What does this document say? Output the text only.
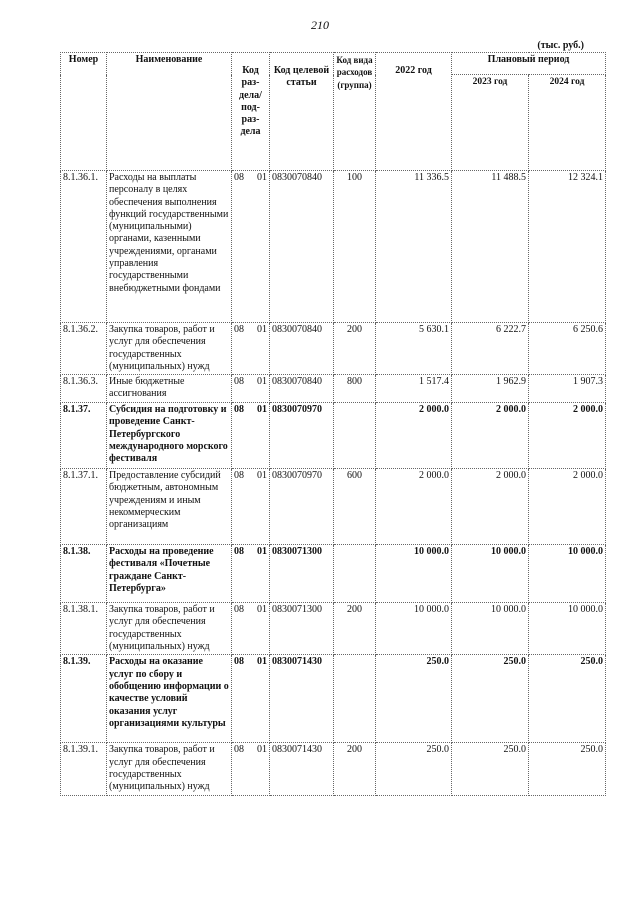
210
(тыс. руб.)
Номер	Наименование	Код раз-дела/ под-раз-дела	Код целевой статьи	Код вида расходов (группа)	2022 год	Плановый период	
						2023 год	2024 год
8.1.36.1.	Расходы на выплаты персоналу в целях обеспечения выполнения функций государственными (муниципальными) органами, казенными учреждениями, органами управления государственными внебюджетными фондами	08 01	0830070840	100	11 336.5	11 488.5	12 324.1
8.1.36.2.	Закупка товаров, работ и услуг для обеспечения государственных (муниципальных) нужд	08 01	0830070840	200	5 630.1	6 222.7	6 250.6
8.1.36.3.	Иные бюджетные ассигнования	08 01	0830070840	800	1 517.4	1 962.9	1 907.3
8.1.37.	Субсидия на подготовку и проведение Санкт-Петербургского международного морского фестиваля	08 01	0830070970		2 000.0	2 000.0	2 000.0
8.1.37.1.	Предоставление субсидий бюджетным, автономным учреждениям и иным некоммерческим организациям	08 01	0830070970	600	2 000.0	2 000.0	2 000.0
8.1.38.	Расходы на проведение фестиваля «Почетные граждане Санкт-Петербурга»	08 01	0830071300		10 000.0	10 000.0	10 000.0
8.1.38.1.	Закупка товаров, работ и услуг для обеспечения государственных (муниципальных) нужд	08 01	0830071300	200	10 000.0	10 000.0	10 000.0
8.1.39.	Расходы на оказание услуг по сбору и обобщению информации о качестве условий оказания услуг организациями культуры	08 01	0830071430		250.0	250.0	250.0
8.1.39.1.	Закупка товаров, работ и услуг для обеспечения государственных (муниципальных) нужд	08 01	0830071430	200	250.0	250.0	250.0
